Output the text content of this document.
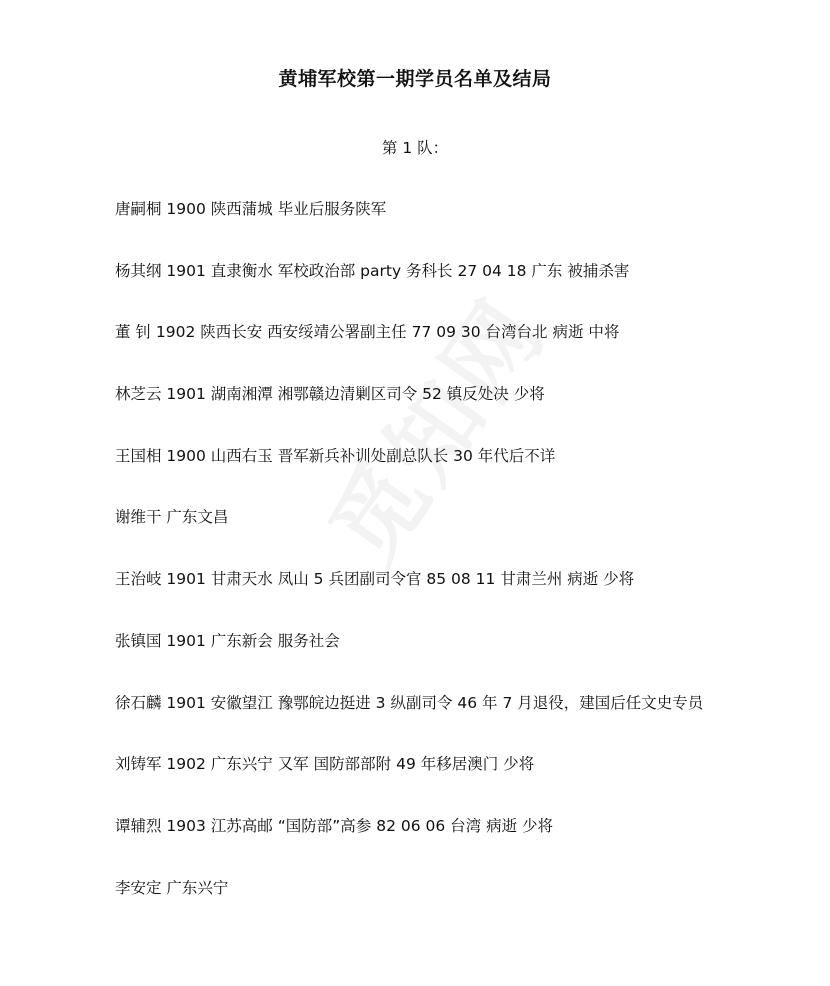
黄埔军校第一期学员名单及结局
第 1 队：
唐嗣桐 1900 陕西蒲城 毕业后服务陕军
杨其纲 1901 直隶衡水 军校政治部 party 务科长 27 04 18 广东 被捕杀害
董 钊 1902 陕西长安 西安绥靖公署副主任 77 09 30 台湾台北 病逝 中将
林芝云 1901 湖南湘潭 湘鄂赣边清剿区司令 52 镇反处决 少将
王国相 1900 山西右玉 晋军新兵补训处副总队长 30 年代后不详
谢维干 广东文昌
王治岐 1901 甘肃天水 凤山 5 兵团副司令官 85 08 11 甘肃兰州 病逝 少将
张镇国 1901 广东新会 服务社会
徐石麟 1901 安徽望江 豫鄂皖边挺进 3 纵副司令 46 年 7 月退役，建国后任文史专员
刘铸军 1902 广东兴宁 又军 国防部部附 49 年移居澳门 少将
谭辅烈 1903 江苏高邮 “国防部”高参 82 06 06 台湾 病逝 少将
李安定 广东兴宁
